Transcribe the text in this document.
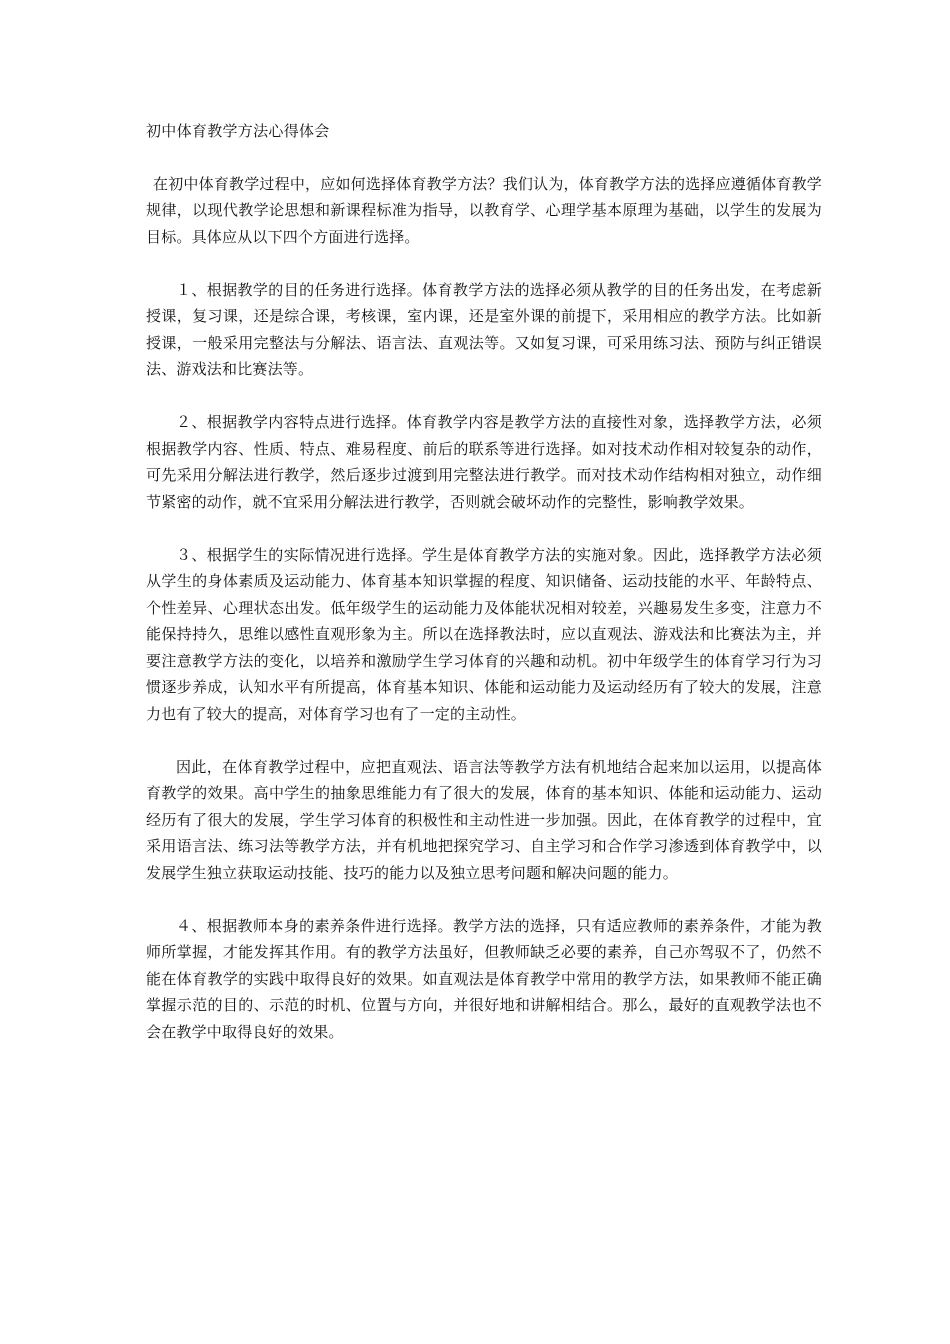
初中体育教学方法心得体会

在初中体育教学过程中，应如何选择体育教学方法？我们认为，体育教学方法的选择应遵循体育教学规律，以现代教学论思想和新课程标准为指导，以教育学、心理学基本原理为基础，以学生的发展为目标。具体应从以下四个方面进行选择。

１、根据教学的目的任务进行选择。体育教学方法的选择必须从教学的目的任务出发，在考虑新授课，复习课，还是综合课，考核课，室内课，还是室外课的前提下，采用相应的教学方法。比如新授课，一般采用完整法与分解法、语言法、直观法等。又如复习课，可采用练习法、预防与纠正错误法、游戏法和比赛法等。

２、根据教学内容特点进行选择。体育教学内容是教学方法的直接性对象，选择教学方法，必须根据教学内容、性质、特点、难易程度、前后的联系等进行选择。如对技术动作相对较复杂的动作，可先采用分解法进行教学，然后逐步过渡到用完整法进行教学。而对技术动作结构相对独立，动作细节紧密的动作，就不宜采用分解法进行教学，否则就会破坏动作的完整性，影响教学效果。

３、根据学生的实际情况进行选择。学生是体育教学方法的实施对象。因此，选择教学方法必须从学生的身体素质及运动能力、体育基本知识掌握的程度、知识储备、运动技能的水平、年龄特点、个性差异、心理状态出发。低年级学生的运动能力及体能状况相对较差，兴趣易发生多变，注意力不能保持持久，思维以感性直观形象为主。所以在选择教法时，应以直观法、游戏法和比赛法为主，并要注意教学方法的变化，以培养和激励学生学习体育的兴趣和动机。初中年级学生的体育学习行为习惯逐步养成，认知水平有所提高，体育基本知识、体能和运动能力及运动经历有了较大的发展，注意力也有了较大的提高，对体育学习也有了一定的主动性。

因此，在体育教学过程中，应把直观法、语言法等教学方法有机地结合起来加以运用，以提高体育教学的效果。高中学生的抽象思维能力有了很大的发展，体育的基本知识、体能和运动能力、运动经历有了很大的发展，学生学习体育的积极性和主动性进一步加强。因此，在体育教学的过程中，宜采用语言法、练习法等教学方法，并有机地把探究学习、自主学习和合作学习渗透到体育教学中，以发展学生独立获取运动技能、技巧的能力以及独立思考问题和解决问题的能力。

４、根据教师本身的素养条件进行选择。教学方法的选择，只有适应教师的素养条件，才能为教师所掌握，才能发挥其作用。有的教学方法虽好，但教师缺乏必要的素养，自己亦驾驭不了，仍然不能在体育教学的实践中取得良好的效果。如直观法是体育教学中常用的教学方法，如果教师不能正确掌握示范的目的、示范的时机、位置与方向，并很好地和讲解相结合。那么，最好的直观教学法也不会在教学中取得良好的效果。
